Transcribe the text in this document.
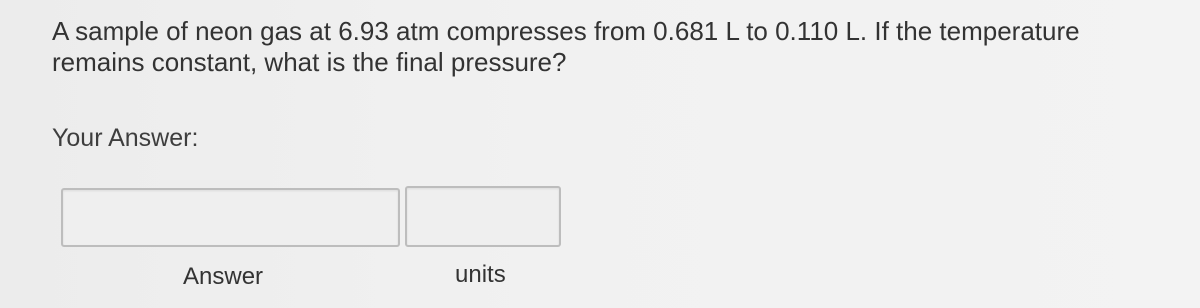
A sample of neon gas at 6.93 atm compresses from 0.681 L to 0.110 L. If the temperature remains constant, what is the final pressure?

Your Answer:
Answer	units
